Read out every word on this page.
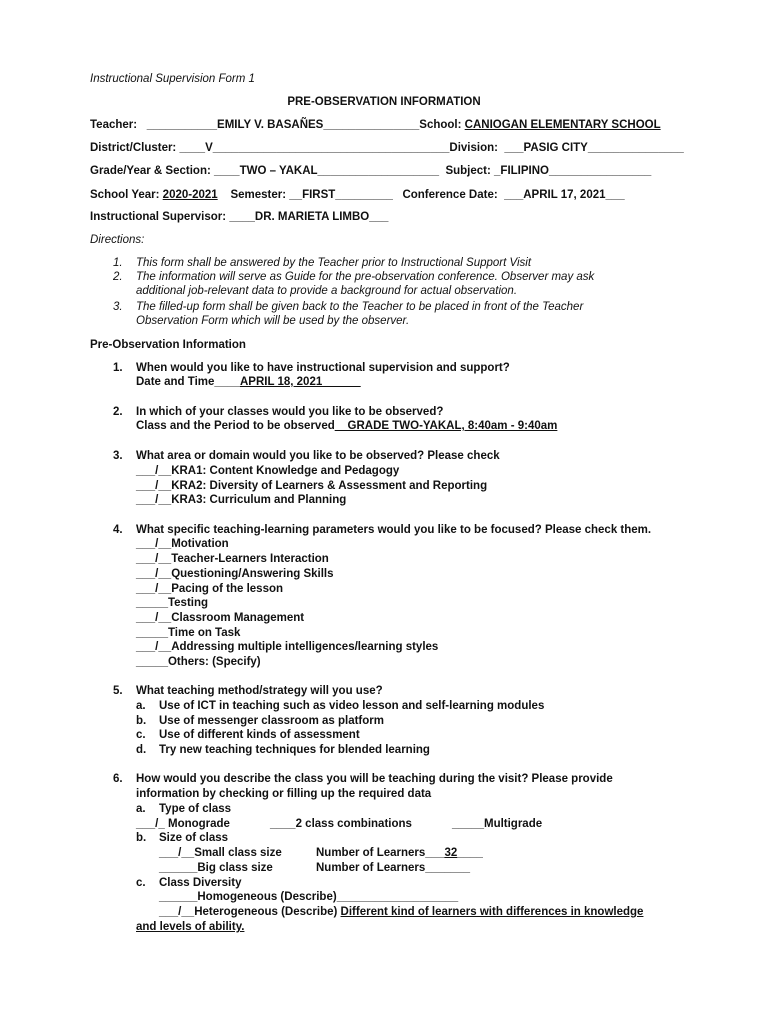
Instructional Supervision Form 1
PRE-OBSERVATION INFORMATION
Teacher: ___________EMILY V. BASAÑES_______________School: CANIOGAN ELEMENTARY SCHOOL
District/Cluster: ____V_____________________________________Division: ___PASIG CITY_______________
Grade/Year & Section: ____TWO – YAKAL___________________ Subject: _FILIPINO________________
School Year: 2020-2021 Semester: __FIRST_________ Conference Date: ___APRIL 17, 2021___
Instructional Supervisor: ____DR. MARIETA LIMBO___
Directions:
1. This form shall be answered by the Teacher prior to Instructional Support Visit
2. The information will serve as Guide for the pre-observation conference. Observer may ask
additional job-relevant data to provide a background for actual observation.
3. The filled-up form shall be given back to the Teacher to be placed in front of the Teacher
Observation Form which will be used by the observer.
Pre-Observation Information
1. When would you like to have instructional supervision and support?
Date and Time____APRIL 18, 2021______
2. In which of your classes would you like to be observed?
Class and the Period to be observed__GRADE TWO-YAKAL, 8:40am - 9:40am
3. What area or domain would you like to be observed? Please check
___/__KRA1: Content Knowledge and Pedagogy
___/__KRA2: Diversity of Learners & Assessment and Reporting
___/__KRA3: Curriculum and Planning
4. What specific teaching-learning parameters would you like to be focused? Please check them.
___/__Motivation
___/__Teacher-Learners Interaction
___/__Questioning/Answering Skills
___/__Pacing of the lesson
_____Testing
___/__Classroom Management
_____Time on Task
___/__Addressing multiple intelligences/learning styles
_____Others: (Specify)
5. What teaching method/strategy will you use?
a. Use of ICT in teaching such as video lesson and self-learning modules
b. Use of messenger classroom as platform
c. Use of different kinds of assessment
d. Try new teaching techniques for blended learning
6. How would you describe the class you will be teaching during the visit? Please provide
information by checking or filling up the required data
a. Type of class
___/_ Monograde	____2 class combinations	_____Multigrade
b. Size of class
___/__Small class size	Number of Learners___32____
______Big class size	Number of Learners_______
c. Class Diversity
______Homogeneous (Describe)___________________
___/__Heterogeneous (Describe) Different kind of learners with differences in knowledge
and levels of ability.
